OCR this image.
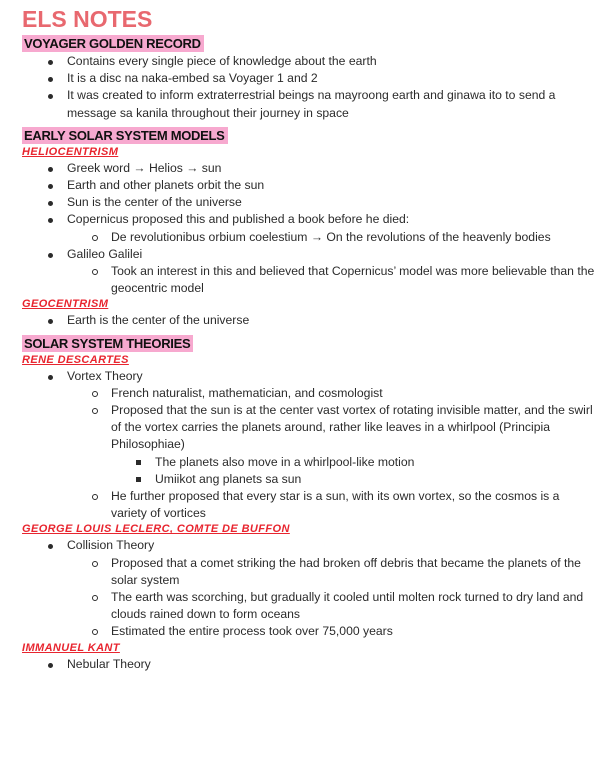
ELS NOTES
VOYAGER GOLDEN RECORD
Contains every single piece of knowledge about the earth
It is a disc na naka-embed sa Voyager 1 and 2
It was created to inform extraterrestrial beings na mayroong earth and ginawa ito to send a message sa kanila throughout their journey in space
EARLY SOLAR SYSTEM MODELS
HELIOCENTRISM
Greek word → Helios → sun
Earth and other planets orbit the sun
Sun is the center of the universe
Copernicus proposed this and published a book before he died:
De revolutionibus orbium coelestium → On the revolutions of the heavenly bodies
Galileo Galilei
Took an interest in this and believed that Copernicus’ model was more believable than the geocentric model
GEOCENTRISM
Earth is the center of the universe
SOLAR SYSTEM THEORIES
RENE DESCARTES
Vortex Theory
French naturalist, mathematician, and cosmologist
Proposed that the sun is at the center vast vortex of rotating invisible matter, and the swirl of the vortex carries the planets around, rather like leaves in a whirlpool (Principia Philosophiae)
The planets also move in a whirlpool-like motion
Umiikot ang planets sa sun
He further proposed that every star is a sun, with its own vortex, so the cosmos is a variety of vortices
GEORGE LOUIS LECLERC, COMTE DE BUFFON
Collision Theory
Proposed that a comet striking the had broken off debris that became the planets of the solar system
The earth was scorching, but gradually it cooled until molten rock turned to dry land and clouds rained down to form oceans
Estimated the entire process took over 75,000 years
IMMANUEL KANT
Nebular Theory
